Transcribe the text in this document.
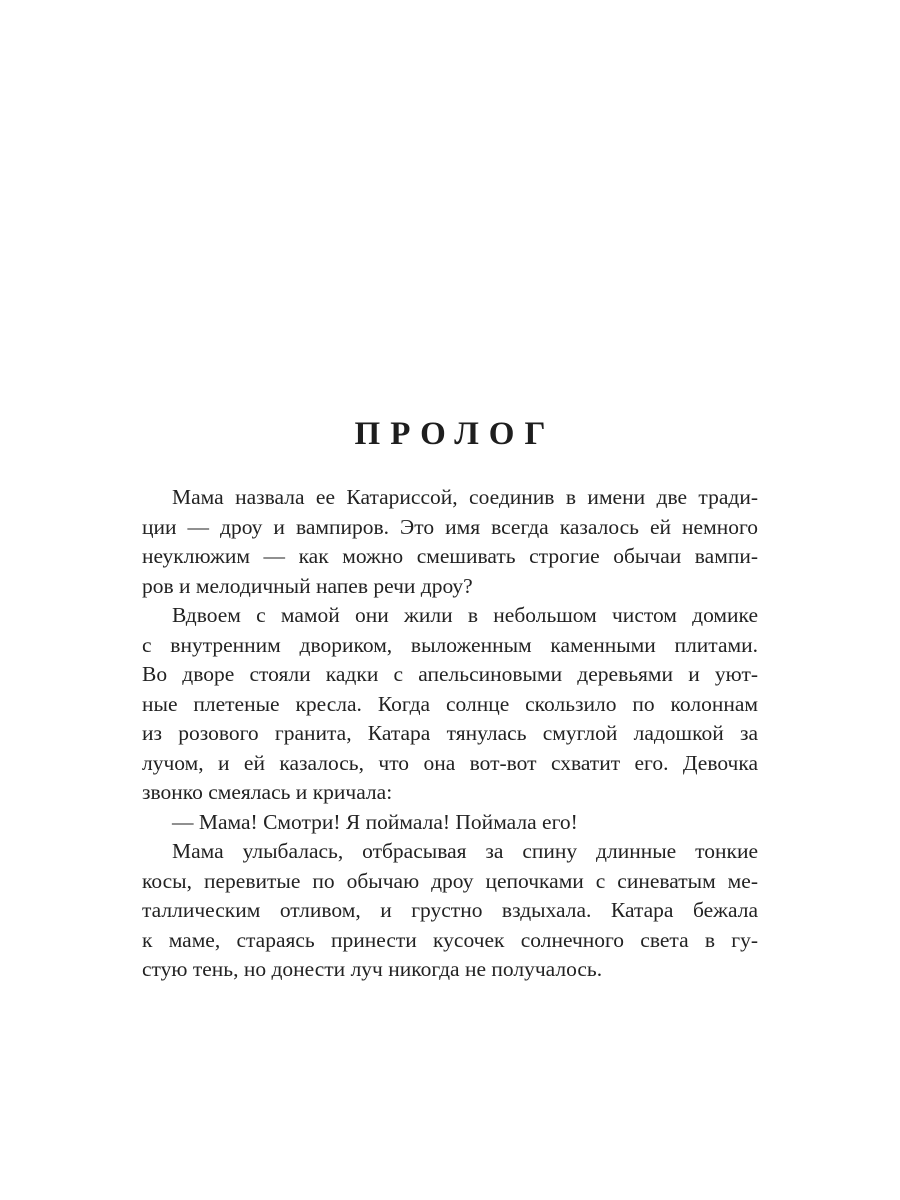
ПРОЛОГ
Мама назвала ее Катариссой, соединив в имени две тради-
ции — дроу и вампиров. Это имя всегда казалось ей немного
неуклюжим — как можно смешивать строгие обычаи вампи-
ров и мелодичный напев речи дроу?
Вдвоем с мамой они жили в небольшом чистом домике
с внутренним двориком, выложенным каменными плитами.
Во дворе стояли кадки с апельсиновыми деревьями и уют-
ные плетеные кресла. Когда солнце скользило по колоннам
из розового гранита, Катара тянулась смуглой ладошкой за
лучом, и ей казалось, что она вот-вот схватит его. Девочка
звонко смеялась и кричала:
— Мама! Смотри! Я поймала! Поймала его!
Мама улыбалась, отбрасывая за спину длинные тонкие
косы, перевитые по обычаю дроу цепочками с синеватым ме-
таллическим отливом, и грустно вздыхала. Катара бежала
к маме, стараясь принести кусочек солнечного света в гу-
стую тень, но донести луч никогда не получалось.
